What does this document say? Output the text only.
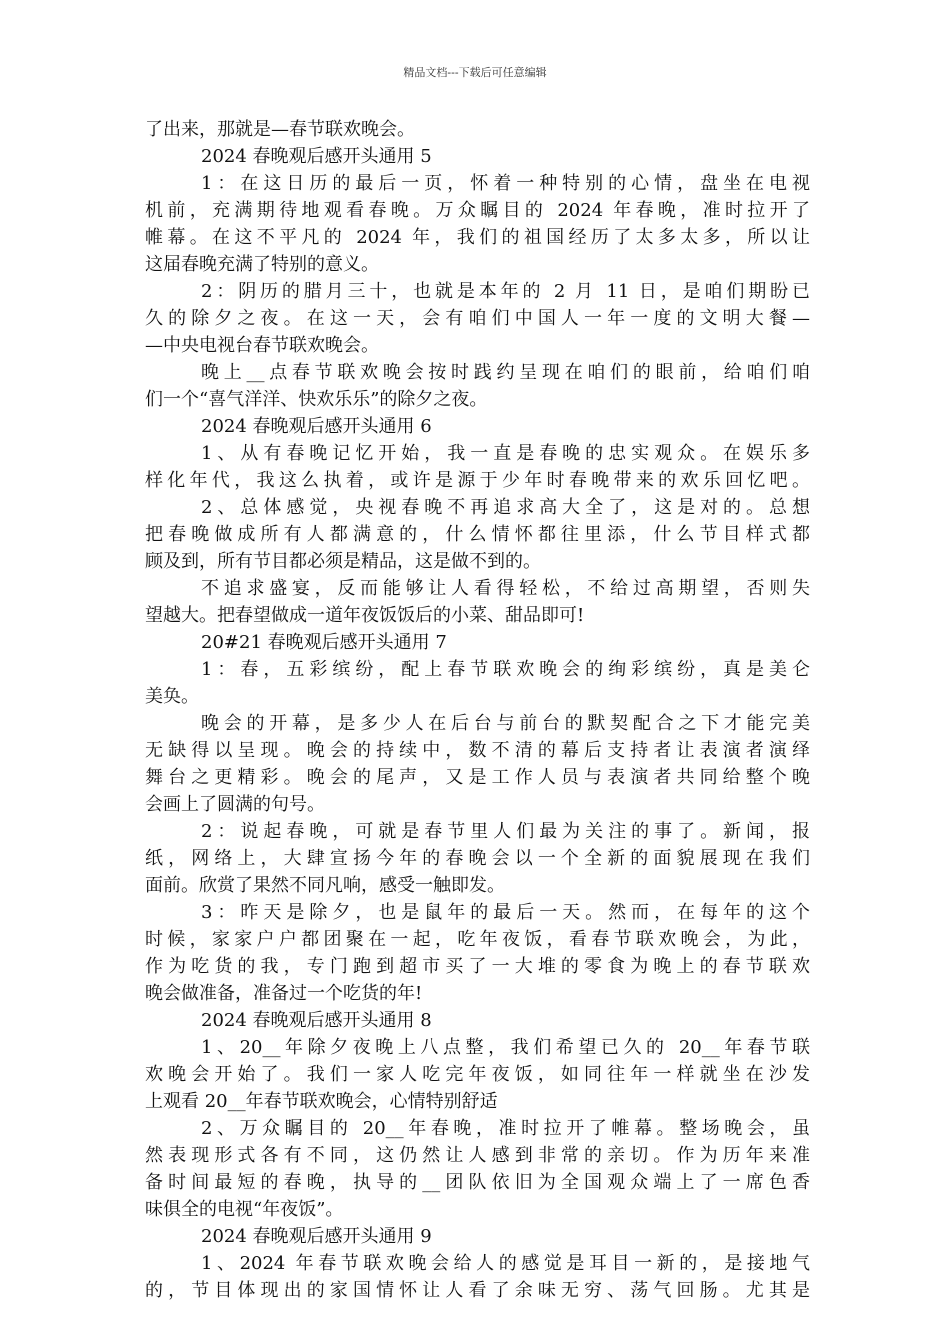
精品文档---下载后可任意编辑
了出来，那就是—春节联欢晚会。
2024 春晚观后感开头通用 5
1：在这日历的最后一页，怀着一种特别的心情，盘坐在电视
机前，充满期待地观看春晚。万众瞩目的 2024 年春晚，准时拉开了
帷幕。在这不平凡的 2024 年，我们的祖国经历了太多太多，所以让
这届春晚充满了特别的意义。
2：阴历的腊月三十，也就是本年的 2 月 11 日，是咱们期盼已
久的除夕之夜。在这一天，会有咱们中国人一年一度的文明大餐—
—中央电视台春节联欢晚会。
晚上__点春节联欢晚会按时践约呈现在咱们的眼前，给咱们咱
们一个“喜气洋洋、快欢乐乐”的除夕之夜。
2024 春晚观后感开头通用 6
1、从有春晚记忆开始，我一直是春晚的忠实观众。在娱乐多
样化年代，我这么执着，或许是源于少年时春晚带来的欢乐回忆吧。
2、总体感觉，央视春晚不再追求高大全了，这是对的。总想
把春晚做成所有人都满意的，什么情怀都往里添，什么节目样式都
顾及到，所有节目都必须是精品，这是做不到的。
不追求盛宴，反而能够让人看得轻松，不给过高期望，否则失
望越大。把春望做成一道年夜饭饭后的小菜、甜品即可!
20#21 春晚观后感开头通用 7
1：春，五彩缤纷，配上春节联欢晚会的绚彩缤纷，真是美仑
美奂。
晚会的开幕，是多少人在后台与前台的默契配合之下才能完美
无缺得以呈现。晚会的持续中，数不清的幕后支持者让表演者演绎
舞台之更精彩。晚会的尾声，又是工作人员与表演者共同给整个晚
会画上了圆满的句号。
2：说起春晚，可就是春节里人们最为关注的事了。新闻，报
纸，网络上，大肆宣扬今年的春晚会以一个全新的面貌展现在我们
面前。欣赏了果然不同凡响，感受一触即发。
3：昨天是除夕，也是鼠年的最后一天。然而，在每年的这个
时候，家家户户都团聚在一起，吃年夜饭，看春节联欢晚会，为此，
作为吃货的我，专门跑到超市买了一大堆的零食为晚上的春节联欢
晚会做准备，准备过一个吃货的年!
2024 春晚观后感开头通用 8
1、20__年除夕夜晚上八点整，我们希望已久的 20__年春节联
欢晚会开始了。我们一家人吃完年夜饭，如同往年一样就坐在沙发
上观看 20__年春节联欢晚会，心情特别舒适
2、万众瞩目的 20__年春晚，准时拉开了帷幕。整场晚会，虽
然表现形式各有不同，这仍然让人感到非常的亲切。作为历年来准
备时间最短的春晚，执导的__团队依旧为全国观众端上了一席色香
味俱全的电视“年夜饭”。
2024 春晚观后感开头通用 9
1、2024 年春节联欢晚会给人的感觉是耳目一新的，是接地气
的，节目体现出的家国情怀让人看了余味无穷、荡气回肠。尤其是
